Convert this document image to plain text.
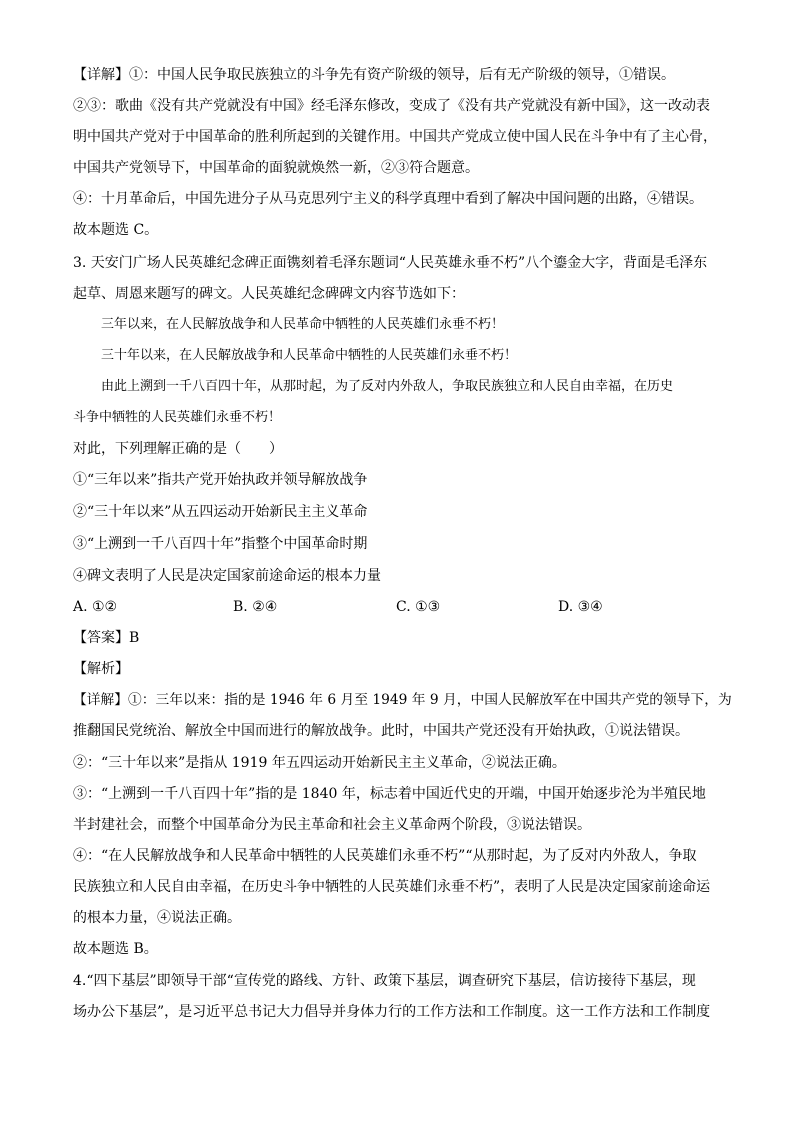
【详解】①：中国人民争取民族独立的斗争先有资产阶级的领导，后有无产阶级的领导，①错误。
②③：歌曲《没有共产党就没有中国》经毛泽东修改，变成了《没有共产党就没有新中国》，这一改动表
明中国共产党对于中国革命的胜利所起到的关键作用。中国共产党成立使中国人民在斗争中有了主心骨，
中国共产党领导下，中国革命的面貌就焕然一新，②③符合题意。
④：十月革命后，中国先进分子从马克思列宁主义的科学真理中看到了解决中国问题的出路，④错误。
故本题选 C。
3. 天安门广场人民英雄纪念碑正面镌刻着毛泽东题词“人民英雄永垂不朽”八个鎏金大字，背面是毛泽东
起草、周恩来题写的碑文。人民英雄纪念碑碑文内容节选如下：
三年以来，在人民解放战争和人民革命中牺牲的人民英雄们永垂不朽！
三十年以来，在人民解放战争和人民革命中牺牲的人民英雄们永垂不朽！
由此上溯到一千八百四十年，从那时起，为了反对内外敌人，争取民族独立和人民自由幸福，在历史
斗争中牺牲的人民英雄们永垂不朽！
对此，下列理解正确的是（　　）
①“三年以来”指共产党开始执政并领导解放战争
②“三十年以来”从五四运动开始新民主主义革命
③“上溯到一千八百四十年”指整个中国革命时期
④碑文表明了人民是决定国家前途命运的根本力量
A. ①②	B. ②④	C. ①③	D. ③④
【答案】B
【解析】
【详解】①：三年以来：指的是 1946 年 6 月至 1949 年 9 月，中国人民解放军在中国共产党的领导下，为
推翻国民党统治、解放全中国而进行的解放战争。此时，中国共产党还没有开始执政，①说法错误。
②：“三十年以来”是指从 1919 年五四运动开始新民主主义革命，②说法正确。
③：“上溯到一千八百四十年”指的是 1840 年，标志着中国近代史的开端，中国开始逐步沦为半殖民地
半封建社会，而整个中国革命分为民主革命和社会主义革命两个阶段，③说法错误。
④：“在人民解放战争和人民革命中牺牲的人民英雄们永垂不朽”“从那时起，为了反对内外敌人，争取
民族独立和人民自由幸福，在历史斗争中牺牲的人民英雄们永垂不朽”，表明了人民是决定国家前途命运
的根本力量，④说法正确。
故本题选 B。
4.“四下基层”即领导干部“宣传党的路线、方针、政策下基层，调查研究下基层，信访接待下基层，现
场办公下基层”，是习近平总书记大力倡导并身体力行的工作方法和工作制度。这一工作方法和工作制度
